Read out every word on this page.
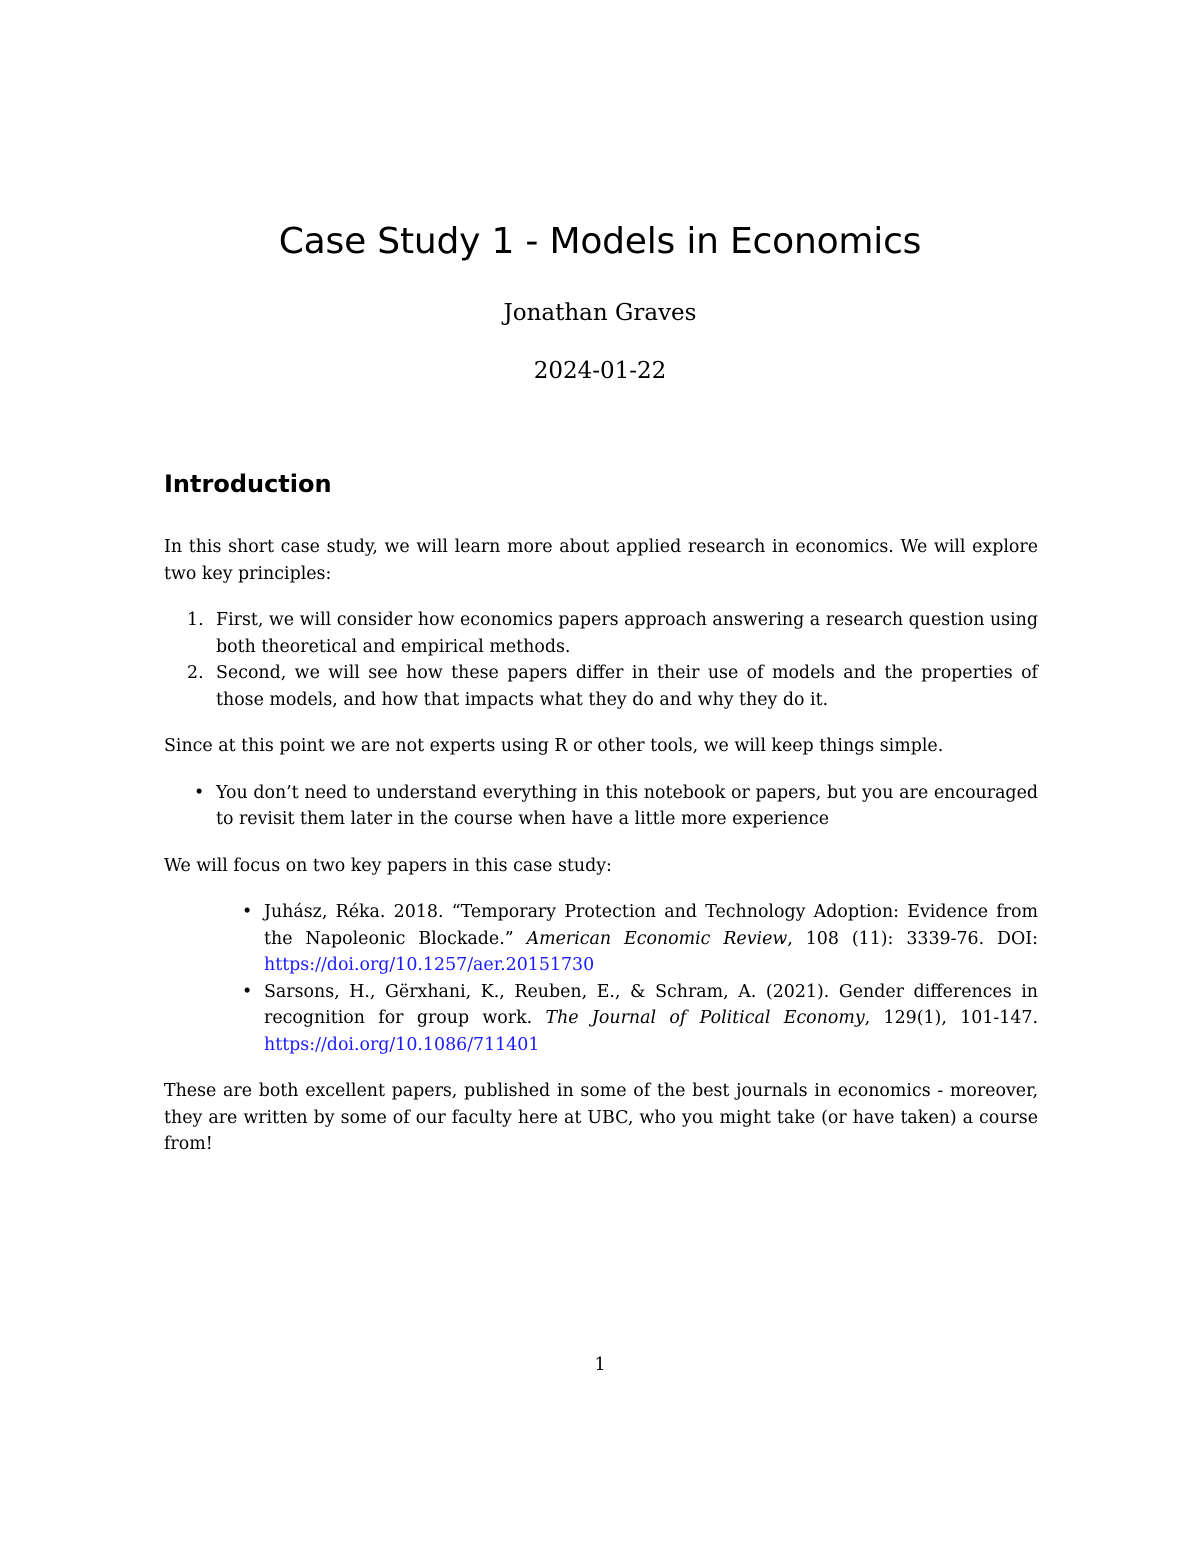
Case Study 1 - Models in Economics
Jonathan Graves
2024-01-22
Introduction

In this short case study, we will learn more about applied research in economics. We will explore two key principles:

1. First, we will consider how economics papers approach answering a research question using both theoretical and empirical methods.
2. Second, we will see how these papers differ in their use of models and the properties of those models, and how that impacts what they do and why they do it.

Since at this point we are not experts using R or other tools, we will keep things simple.

• You don’t need to understand everything in this notebook or papers, but you are encouraged to revisit them later in the course when have a little more experience

We will focus on two key papers in this case study:

• Juhász, Réka. 2018. “Temporary Protection and Technology Adoption: Evidence from the Napoleonic Blockade.” American Economic Review, 108 (11): 3339-76. DOI: https://doi.org/10.1257/aer.20151730
• Sarsons, H., Gërxhani, K., Reuben, E., & Schram, A. (2021). Gender differences in recognition for group work. The Journal of Political Economy, 129(1), 101-147. https://doi.org/10.1086/711401

These are both excellent papers, published in some of the best journals in economics - moreover, they are written by some of our faculty here at UBC, who you might take (or have taken) a course from!

1
